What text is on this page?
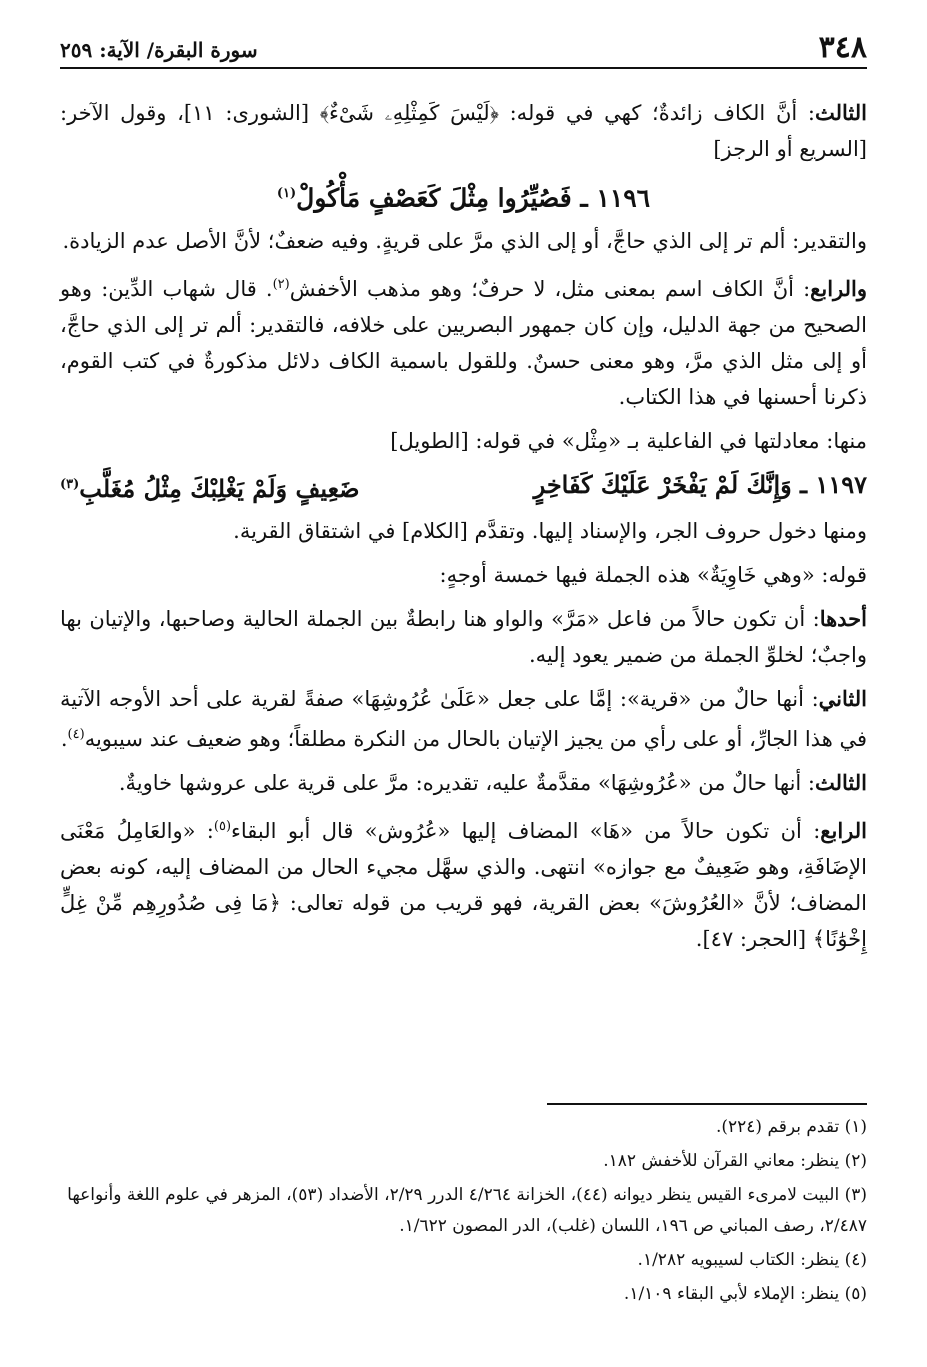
٣٤٨
سورة البقرة/ الآية: ٢٥٩

الثالث: أنَّ الكاف زائدةٌ؛ كهي في قوله: ﴿لَيْسَ كَمِثْلِهِۦ شَىْءٌ﴾ [الشورى: ١١]، وقول الآخر: [السريع أو الرجز]

١١٩٦ ـ فَصُيِّرُوا مِثْلَ كَعَصْفٍ مَأْكُولْ$^{(١)}$

والتقدير: ألم تر إلى الذي حاجَّ، أو إلى الذي مرَّ على قريةٍ. وفيه ضعفٌ؛ لأنَّ الأصل عدم الزيادة.

والرابع: أنَّ الكاف اسم بمعنى مثل، لا حرفٌ؛ وهو مذهب الأخفش$^{(٢)}$. قال شهاب الدِّين: وهو الصحيح من جهة الدليل، وإن كان جمهور البصريين على خلافه، فالتقدير: ألم تر إلى الذي حاجَّ، أو إلى مثل الذي مرَّ، وهو معنى حسنٌ. وللقول باسمية الكاف دلائل مذكورةٌ في كتب القوم، ذكرنا أحسنها في هذا الكتاب.

منها: معادلتها في الفاعلية بـ «مِثْل» في قوله: [الطويل]

١١٩٧ ـ وَإِنَّكَ لَمْ يَفْخَرْ عَلَيْكَ كَفَاخِرٍ
ضَعِيفٍ وَلَمْ يَغْلِبْكَ مِثْلُ مُغَلَّبِ$^{(٣)}$

ومنها دخول حروف الجر، والإسناد إليها. وتقدَّم [الكلام] في اشتقاق القرية.

قوله: «وهي خَاوِيَةٌ» هذه الجملة فيها خمسة أوجهٍ:

أحدها: أن تكون حالاً من فاعل «مَرَّ» والواو هنا رابطةٌ بين الجملة الحالية وصاحبها، والإتيان بها واجبٌ؛ لخلوِّ الجملة من ضمير يعود إليه.

الثاني: أنها حالٌ من «قرية»: إمَّا على جعل «عَلَىٰ عُرُوشِهَا» صفةً لقرية على أحد الأوجه الآتية في هذا الجارِّ، أو على رأي من يجيز الإتيان بالحال من النكرة مطلقاً؛ وهو ضعيف عند سيبويه$^{(٤)}$.

الثالث: أنها حالٌ من «عُرُوشِهَا» مقدَّمةٌ عليه، تقديره: مرَّ على قرية على عروشها خاويةٌ.

الرابع: أن تكون حالاً من «هَا» المضاف إليها «عُرُوش» قال أبو البقاء$^{(٥)}$: «والعَامِلُ مَعْنَى الإضَافَةِ، وهو ضَعِيفٌ مع جوازه» انتهى. والذي سهَّل مجيء الحال من المضاف إليه، كونه بعض المضاف؛ لأنَّ «العُرُوشَ» بعض القرية، فهو قريب من قوله تعالى: ﴿مَا فِى صُدُورِهِم مِّنْ غِلٍّ إِخْوَٰنًا﴾ [الحجر: ٤٧].

(١) تقدم برقم (٢٢٤).

(٢) ينظر: معاني القرآن للأخفش ١٨٢.

(٣) البيت لامرىء القيس ينظر ديوانه (٤٤)، الخزانة ٤/٢٦٤ الدرر ٢/٢٩، الأضداد (٥٣)، المزهر في علوم اللغة وأنواعها ٢/٤٨٧، رصف المباني ص ١٩٦، اللسان (غلب)، الدر المصون ١/٦٢٢.

(٤) ينظر: الكتاب لسيبويه ١/٢٨٢.

(٥) ينظر: الإملاء لأبي البقاء ١/١٠٩.
